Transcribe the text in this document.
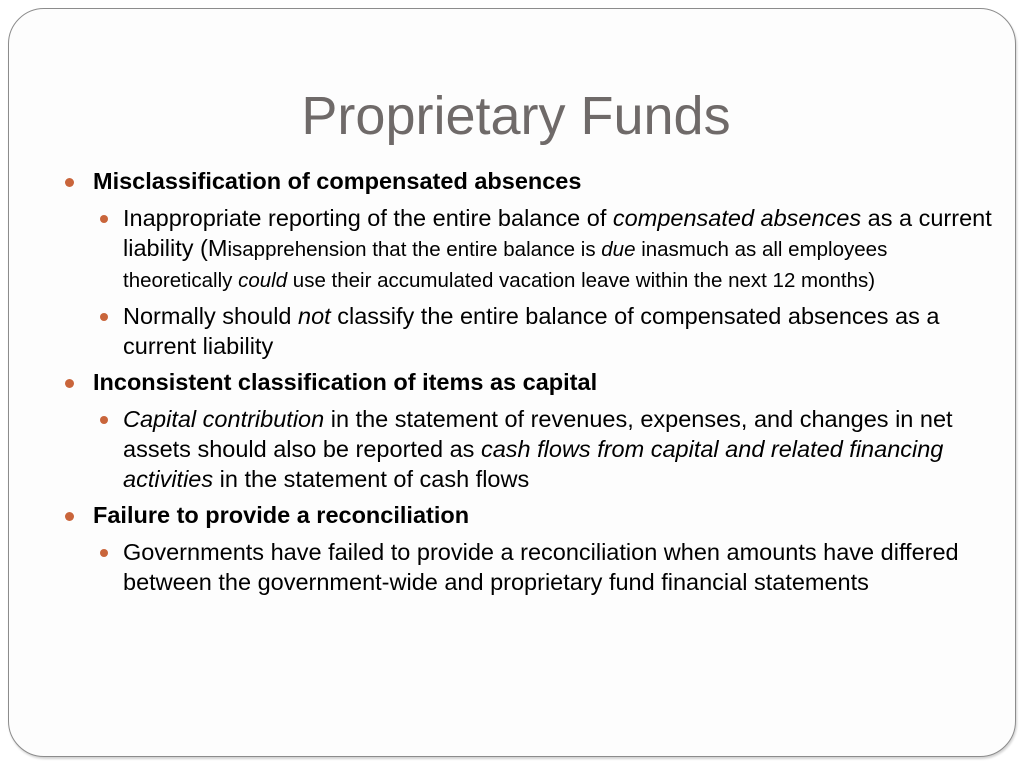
Proprietary Funds
Misclassification of compensated absences
Inappropriate reporting of the entire balance of compensated absences as a current liability (Misapprehension that the entire balance is due inasmuch as all employees theoretically could use their accumulated vacation leave within the next 12 months)
Normally should not classify the entire balance of compensated absences as a current liability
Inconsistent classification of items as capital
Capital contribution in the statement of revenues, expenses, and changes in net assets should also be reported as cash flows from capital and related financing activities in the statement of cash flows
Failure to provide a reconciliation
Governments have failed to provide a reconciliation when amounts have differed between the government-wide and proprietary fund financial statements
